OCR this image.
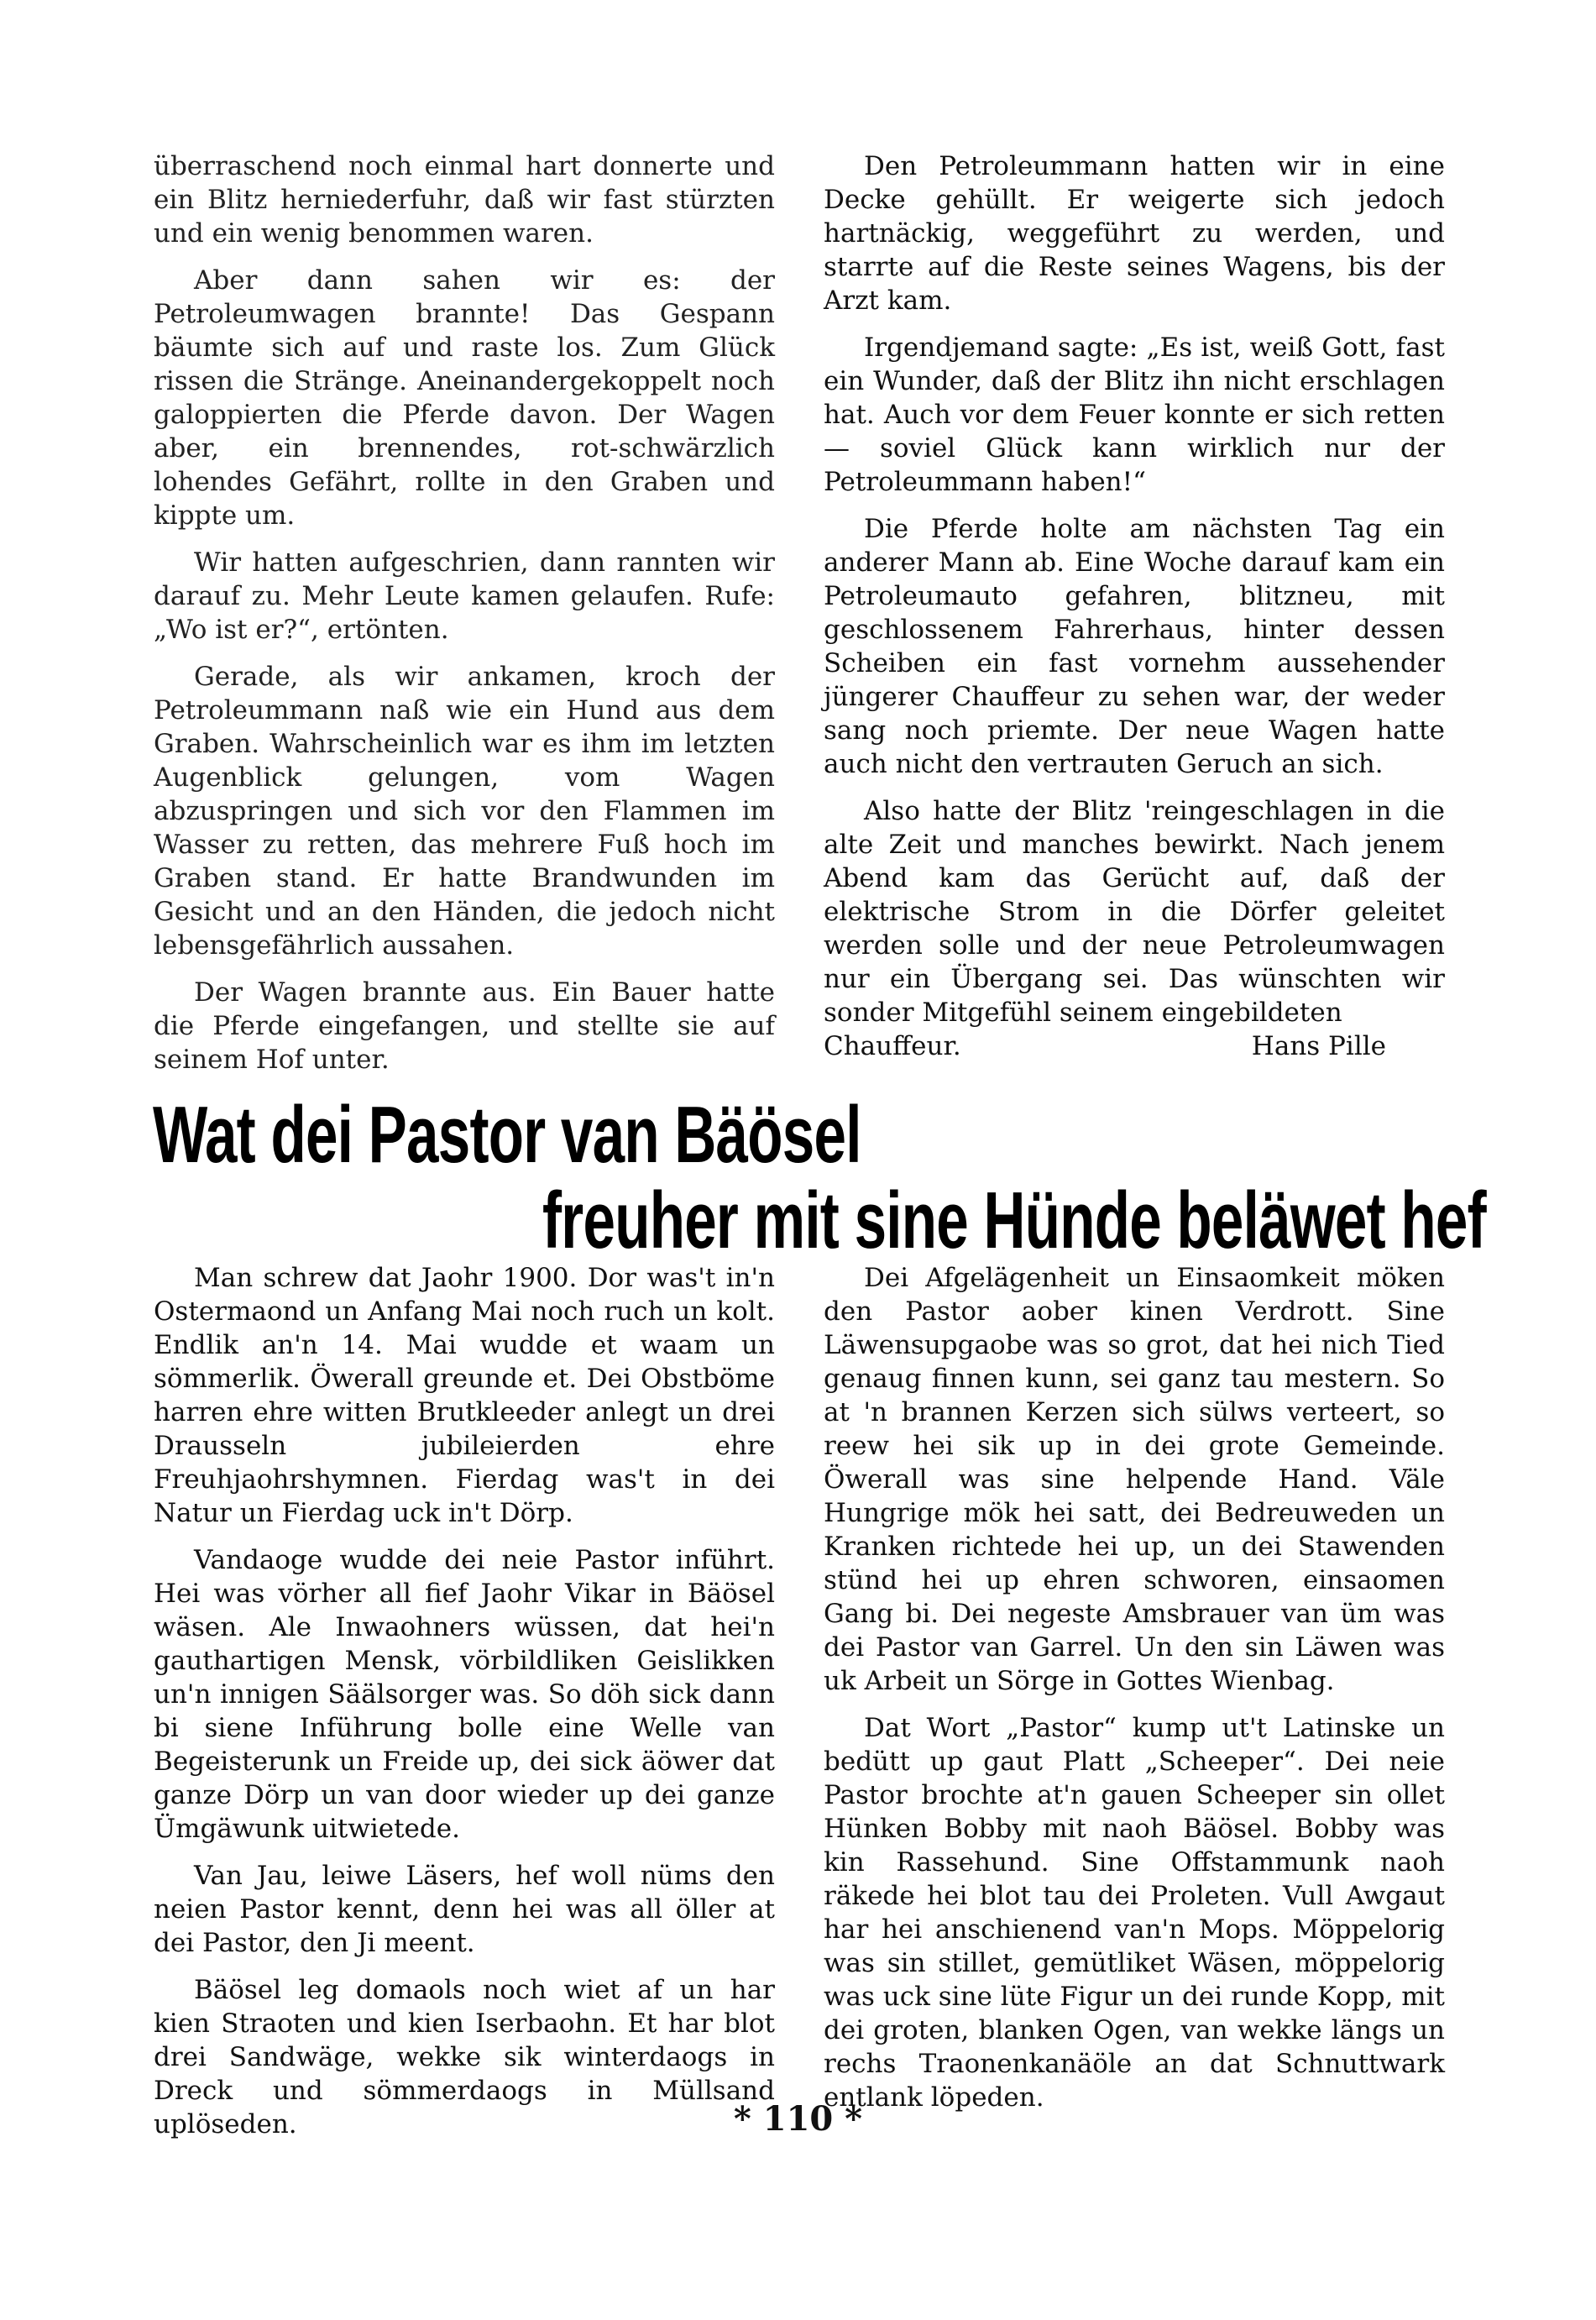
überraschend noch einmal hart donnerte und ein Blitz herniederfuhr, daß wir fast stürzten und ein wenig benommen waren.

Aber dann sahen wir es: der Petroleumwagen brannte! Das Gespann bäumte sich auf und raste los. Zum Glück rissen die Stränge. Aneinandergekoppelt noch galoppierten die Pferde davon. Der Wagen aber, ein brennendes, rot-schwärzlich lohendes Gefährt, rollte in den Graben und kippte um.

Wir hatten aufgeschrien, dann rannten wir darauf zu. Mehr Leute kamen gelaufen. Rufe: „Wo ist er?“, ertönten.

Gerade, als wir ankamen, kroch der Petroleummann naß wie ein Hund aus dem Graben. Wahrscheinlich war es ihm im letzten Augenblick gelungen, vom Wagen abzuspringen und sich vor den Flammen im Wasser zu retten, das mehrere Fuß hoch im Graben stand. Er hatte Brandwunden im Gesicht und an den Händen, die jedoch nicht lebensgefährlich aussahen.

Der Wagen brannte aus. Ein Bauer hatte die Pferde eingefangen, und stellte sie auf seinem Hof unter.

Den Petroleummann hatten wir in eine Decke gehüllt. Er weigerte sich jedoch hartnäckig, weggeführt zu werden, und starrte auf die Reste seines Wagens, bis der Arzt kam.

Irgendjemand sagte: „Es ist, weiß Gott, fast ein Wunder, daß der Blitz ihn nicht erschlagen hat. Auch vor dem Feuer konnte er sich retten — soviel Glück kann wirklich nur der Petroleummann haben!“

Die Pferde holte am nächsten Tag ein anderer Mann ab. Eine Woche darauf kam ein Petroleumauto gefahren, blitzneu, mit geschlossenem Fahrerhaus, hinter dessen Scheiben ein fast vornehm aussehender jüngerer Chauffeur zu sehen war, der weder sang noch priemte. Der neue Wagen hatte auch nicht den vertrauten Geruch an sich.

Also hatte der Blitz 'reingeschlagen in die alte Zeit und manches bewirkt. Nach jenem Abend kam das Gerücht auf, daß der elektrische Strom in die Dörfer geleitet werden solle und der neue Petroleumwagen nur ein Übergang sei. Das wünschten wir sonder Mitgefühl seinem eingebildeten

Chauffeur.	Hans Pille
Wat dei Pastor van Bäösel
freuher mit sine Hünde beläwet hef

Man schrew dat Jaohr 1900. Dor was't in'n Ostermaond un Anfang Mai noch ruch un kolt. Endlik an'n 14. Mai wudde et waam un sömmerlik. Öwerall greunde et. Dei Obstböme harren ehre witten Brutkleeder anlegt un drei Drausseln jubileierden ehre Freuhjaohrshymnen. Fierdag was't in dei Natur un Fierdag uck in't Dörp.

Vandaoge wudde dei neie Pastor inführt. Hei was vörher all fief Jaohr Vikar in Bäösel wäsen. Ale Inwaohners wüssen, dat hei'n gauthartigen Mensk, vörbildliken Geislikken un'n innigen Säälsorger was. So döh sick dann bi siene Inführung bolle eine Welle van Begeisterunk un Freide up, dei sick äöwer dat ganze Dörp un van door wieder up dei ganze Ümgäwunk uitwietede.

Van Jau, leiwe Läsers, hef woll nüms den neien Pastor kennt, denn hei was all öller at dei Pastor, den Ji meent.

Bäösel leg domaols noch wiet af un har kien Straoten und kien Iserbaohn. Et har blot drei Sandwäge, wekke sik winterdaogs in Dreck und sömmerdaogs in Müllsand uplöseden.

Dei Afgelägenheit un Einsaomkeit möken den Pastor aober kinen Verdrott. Sine Läwensupgaobe was so grot, dat hei nich Tied genaug finnen kunn, sei ganz tau mestern. So at 'n brannen Kerzen sich sülws verteert, so reew hei sik up in dei grote Gemeinde. Öwerall was sine helpende Hand. Väle Hungrige mök hei satt, dei Bedreuweden un Kranken richtede hei up, un dei Stawenden stünd hei up ehren schworen, einsaomen Gang bi. Dei negeste Amsbrauer van üm was dei Pastor van Garrel. Un den sin Läwen was uk Arbeit un Sörge in Gottes Wienbag.

Dat Wort „Pastor“ kump ut't Latinske un bedütt up gaut Platt „Scheeper“. Dei neie Pastor brochte at'n gauen Scheeper sin ollet Hünken Bobby mit naoh Bäösel. Bobby was kin Rassehund. Sine Offstammunk naoh räkede hei blot tau dei Proleten. Vull Awgaut har hei anschienend van'n Mops. Möppelorig was sin stillet, gemütliket Wäsen, möppelorig was uck sine lüte Figur un dei runde Kopp, mit dei groten, blanken Ogen, van wekke längs un rechs Traonenkanäöle an dat Schnuttwark entlank löpeden.

* 110 *
